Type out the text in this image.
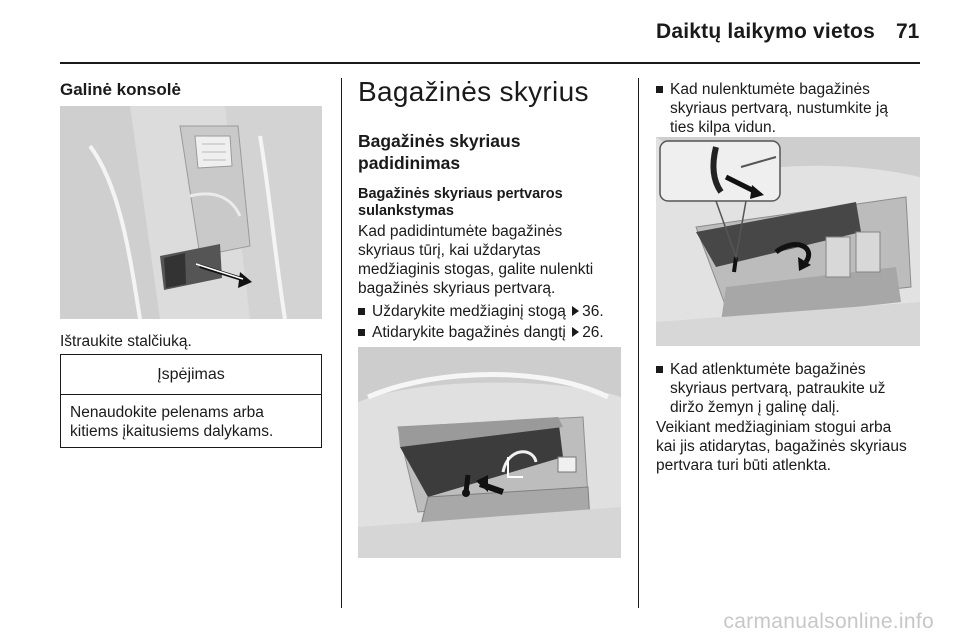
Daiktų laikymo vietos 71
Galinė konsolė
Ištraukite stalčiuką.
Įspėjimas
Nenaudokite pelenams arba
kitiems įkaitusiems dalykams.
Bagažinės skyrius
Bagažinės skyriaus
padidinimas
Bagažinės skyriaus pertvaros
sulankstymas
Kad padidintumėte bagažinės
skyriaus tūrį, kai uždarytas
medžiaginis stogas, galite nulenkti
bagažinės skyriaus pertvarą.
Uždarykite medžiaginį stogą 36.
Atidarykite bagažinės dangtį 26.
Kad nulenktumėte bagažinės
skyriaus pertvarą, nustumkite ją
ties kilpa vidun.
Kad atlenktumėte bagažinės
skyriaus pertvarą, patraukite už
diržo žemyn į galinę dalį.
Veikiant medžiaginiam stogui arba
kai jis atidarytas, bagažinės skyriaus
pertvara turi būti atlenkta.
carmanualsonline.info
